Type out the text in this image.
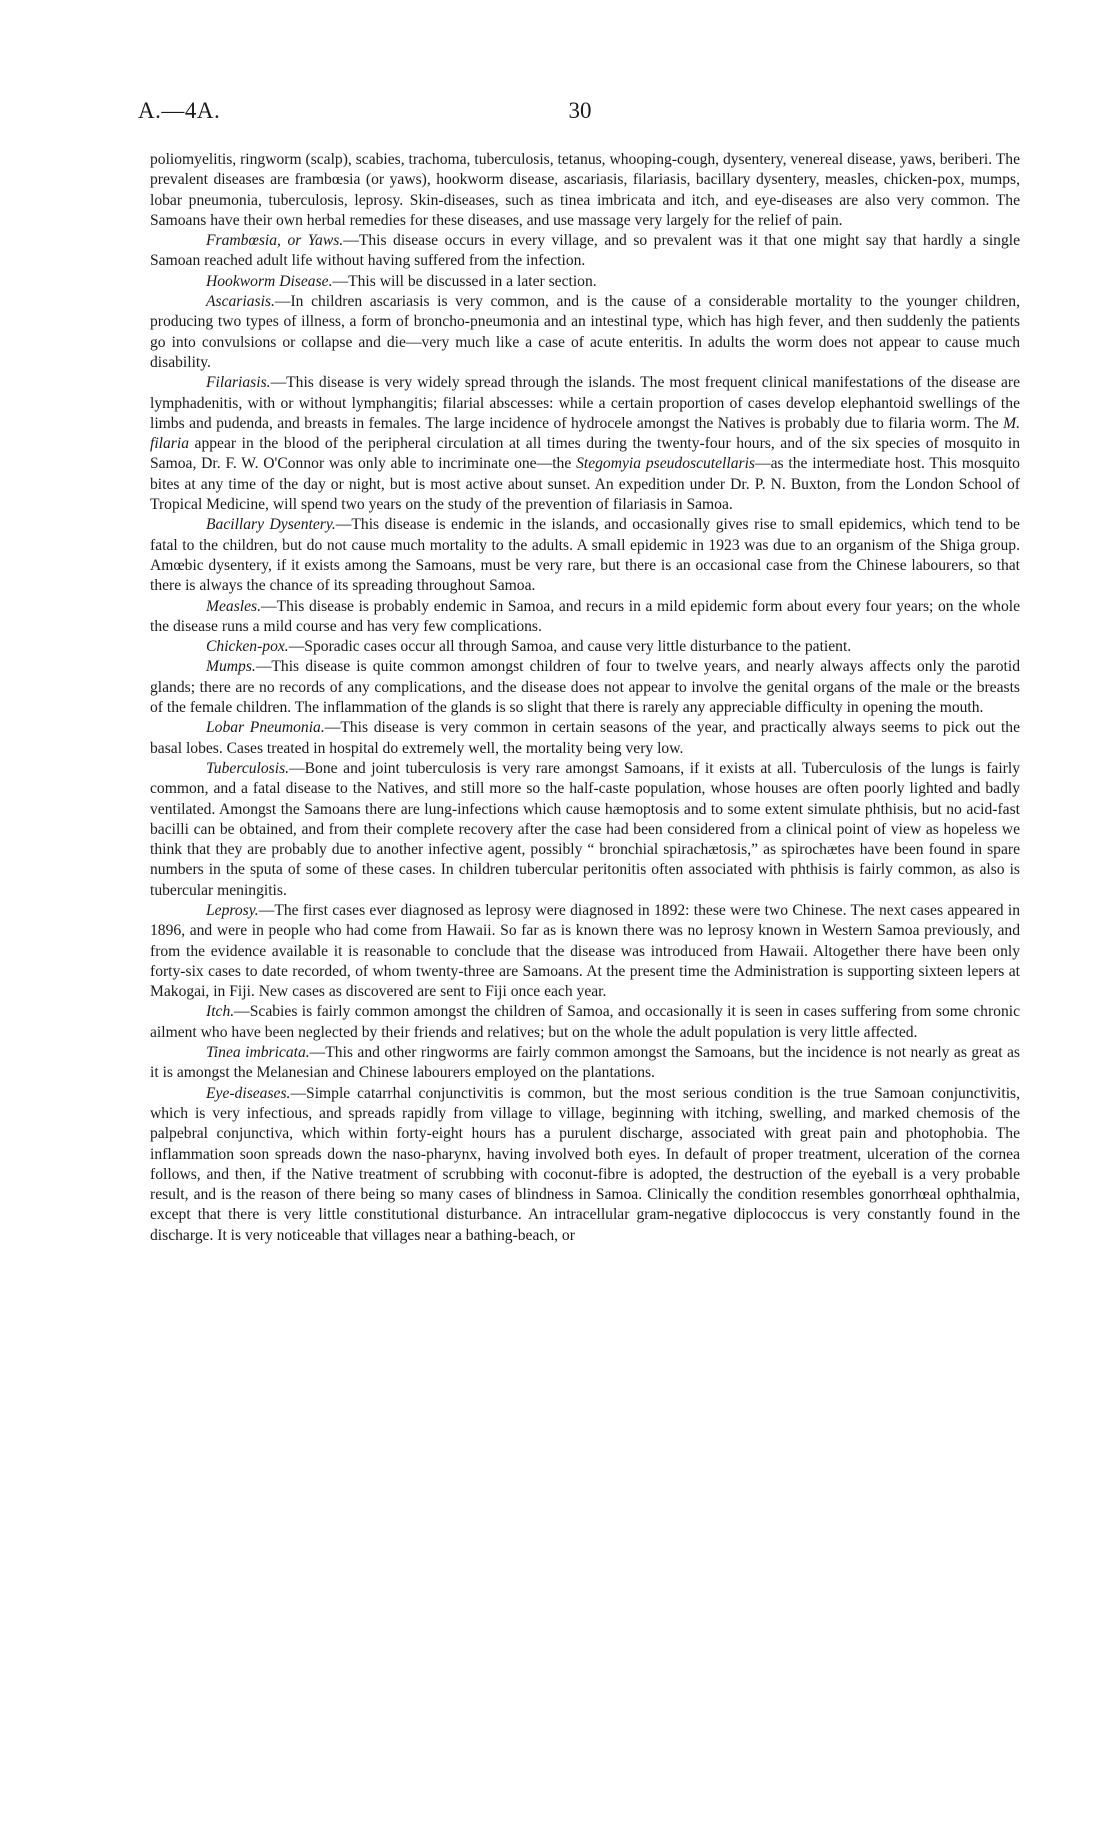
A.—4A.	30

poliomyelitis, ringworm (scalp), scabies, trachoma, tuberculosis, tetanus, whooping-cough, dysentery, venereal disease, yaws, beriberi. The prevalent diseases are frambœsia (or yaws), hookworm disease, ascariasis, filariasis, bacillary dysentery, measles, chicken-pox, mumps, lobar pneumonia, tuberculosis, leprosy. Skin-diseases, such as tinea imbricata and itch, and eye-diseases are also very common. The Samoans have their own herbal remedies for these diseases, and use massage very largely for the relief of pain.

Frambœsia, or Yaws.—This disease occurs in every village, and so prevalent was it that one might say that hardly a single Samoan reached adult life without having suffered from the infection.

Hookworm Disease.—This will be discussed in a later section.

Ascariasis.—In children ascariasis is very common, and is the cause of a considerable mortality to the younger children, producing two types of illness, a form of broncho-pneumonia and an intestinal type, which has high fever, and then suddenly the patients go into convulsions or collapse and die—very much like a case of acute enteritis. In adults the worm does not appear to cause much disability.

Filariasis.—This disease is very widely spread through the islands. The most frequent clinical manifestations of the disease are lymphadenitis, with or without lymphangitis; filarial abscesses: while a certain proportion of cases develop elephantoid swellings of the limbs and pudenda, and breasts in females. The large incidence of hydrocele amongst the Natives is probably due to filaria worm. The M. filaria appear in the blood of the peripheral circulation at all times during the twenty-four hours, and of the six species of mosquito in Samoa, Dr. F. W. O'Connor was only able to incriminate one—the Stegomyia pseudoscutellaris—as the intermediate host. This mosquito bites at any time of the day or night, but is most active about sunset. An expedition under Dr. P. N. Buxton, from the London School of Tropical Medicine, will spend two years on the study of the prevention of filariasis in Samoa.

Bacillary Dysentery.—This disease is endemic in the islands, and occasionally gives rise to small epidemics, which tend to be fatal to the children, but do not cause much mortality to the adults. A small epidemic in 1923 was due to an organism of the Shiga group. Amœbic dysentery, if it exists among the Samoans, must be very rare, but there is an occasional case from the Chinese labourers, so that there is always the chance of its spreading throughout Samoa.

Measles.—This disease is probably endemic in Samoa, and recurs in a mild epidemic form about every four years; on the whole the disease runs a mild course and has very few complications.

Chicken-pox.—Sporadic cases occur all through Samoa, and cause very little disturbance to the patient.

Mumps.—This disease is quite common amongst children of four to twelve years, and nearly always affects only the parotid glands; there are no records of any complications, and the disease does not appear to involve the genital organs of the male or the breasts of the female children. The inflammation of the glands is so slight that there is rarely any appreciable difficulty in opening the mouth.

Lobar Pneumonia.—This disease is very common in certain seasons of the year, and practically always seems to pick out the basal lobes. Cases treated in hospital do extremely well, the mortality being very low.

Tuberculosis.—Bone and joint tuberculosis is very rare amongst Samoans, if it exists at all. Tuberculosis of the lungs is fairly common, and a fatal disease to the Natives, and still more so the half-caste population, whose houses are often poorly lighted and badly ventilated. Amongst the Samoans there are lung-infections which cause hæmoptosis and to some extent simulate phthisis, but no acid-fast bacilli can be obtained, and from their complete recovery after the case had been considered from a clinical point of view as hopeless we think that they are probably due to another infective agent, possibly “ bronchial spirachætosis,” as spirochætes have been found in spare numbers in the sputa of some of these cases. In children tubercular peritonitis often associated with phthisis is fairly common, as also is tubercular meningitis.

Leprosy.—The first cases ever diagnosed as leprosy were diagnosed in 1892: these were two Chinese. The next cases appeared in 1896, and were in people who had come from Hawaii. So far as is known there was no leprosy known in Western Samoa previously, and from the evidence available it is reasonable to conclude that the disease was introduced from Hawaii. Altogether there have been only forty-six cases to date recorded, of whom twenty-three are Samoans. At the present time the Administration is supporting sixteen lepers at Makogai, in Fiji. New cases as discovered are sent to Fiji once each year.

Itch.—Scabies is fairly common amongst the children of Samoa, and occasionally it is seen in cases suffering from some chronic ailment who have been neglected by their friends and relatives; but on the whole the adult population is very little affected.

Tinea imbricata.—This and other ringworms are fairly common amongst the Samoans, but the incidence is not nearly as great as it is amongst the Melanesian and Chinese labourers employed on the plantations.

Eye-diseases.—Simple catarrhal conjunctivitis is common, but the most serious condition is the true Samoan conjunctivitis, which is very infectious, and spreads rapidly from village to village, beginning with itching, swelling, and marked chemosis of the palpebral conjunctiva, which within forty-eight hours has a purulent discharge, associated with great pain and photophobia. The inflammation soon spreads down the naso-pharynx, having involved both eyes. In default of proper treatment, ulceration of the cornea follows, and then, if the Native treatment of scrubbing with coconut-fibre is adopted, the destruction of the eyeball is a very probable result, and is the reason of there being so many cases of blindness in Samoa. Clinically the condition resembles gonorrhœal ophthalmia, except that there is very little constitutional disturbance. An intracellular gram-negative diplococcus is very constantly found in the discharge. It is very noticeable that villages near a bathing-beach, or
